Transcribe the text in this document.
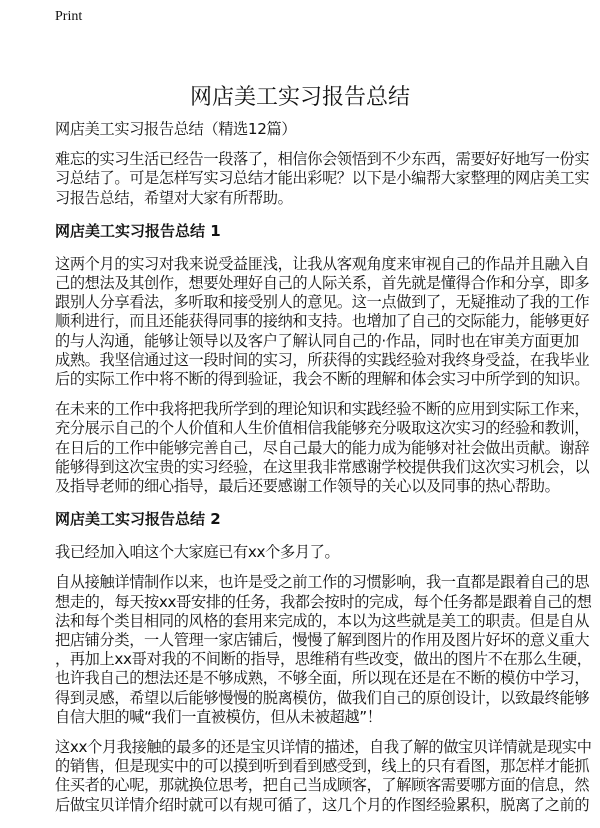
Print
网店美工实习报告总结
网店美工实习报告总结（精选12篇）
难忘的实习生活已经告一段落了，相信你会领悟到不少东西，需要好好地写一份实
习总结了。可是怎样写实习总结才能出彩呢？以下是小编帮大家整理的网店美工实
习报告总结，希望对大家有所帮助。
网店美工实习报告总结 1
这两个月的实习对我来说受益匪浅，让我从客观角度来审视自己的作品并且融入自
己的想法及其创作，想要处理好自己的人际关系，首先就是懂得合作和分享，即多
跟别人分享看法，多听取和接受别人的意见。这一点做到了，无疑推动了我的工作
顺利进行，而且还能获得同事的接纳和支持。也增加了自己的交际能力，能够更好
的与人沟通，能够让领导以及客户了解认同自己的·作品，同时也在审美方面更加
成熟。我坚信通过这一段时间的实习，所获得的实践经验对我终身受益，在我毕业
后的实际工作中将不断的得到验证，我会不断的理解和体会实习中所学到的知识。
在未来的工作中我将把我所学到的理论知识和实践经验不断的应用到实际工作来，
充分展示自己的个人价值和人生价值相信我能够充分吸取这次实习的经验和教训，
在日后的工作中能够完善自己，尽自己最大的能力成为能够对社会做出贡献。谢辞
能够得到这次宝贵的实习经验，在这里我非常感谢学校提供我们这次实习机会，以
及指导老师的细心指导，最后还要感谢工作领导的关心以及同事的热心帮助。
网店美工实习报告总结 2
我已经加入咱这个大家庭已有xx个多月了。
自从接触详情制作以来，也许是受之前工作的习惯影响，我一直都是跟着自己的思
想走的，每天按xx哥安排的任务，我都会按时的完成，每个任务都是跟着自己的想
法和每个类目相同的风格的套用来完成的，本以为这些就是美工的职责。但是自从
把店铺分类，一人管理一家店铺后，慢慢了解到图片的作用及图片好坏的意义重大
，再加上xx哥对我的不间断的指导，思维稍有些改变，做出的图片不在那么生硬，
也许我自己的想法还是不够成熟，不够全面，所以现在还是在不断的模仿中学习，
得到灵感，希望以后能够慢慢的脱离模仿，做我们自己的原创设计，以致最终能够
自信大胆的喊“我们一直被模仿，但从未被超越”！
这xx个月我接触的最多的还是宝贝详情的描述，自我了解的做宝贝详情就是现实中
的销售，但是现实中的可以摸到听到看到感受到，线上的只有看图，那怎样才能抓
住买者的心呢，那就换位思考，把自己当成顾客，了解顾客需要哪方面的信息，然
后做宝贝详情介绍时就可以有规可循了，这几个月的作图经验累积，脱离了之前的
